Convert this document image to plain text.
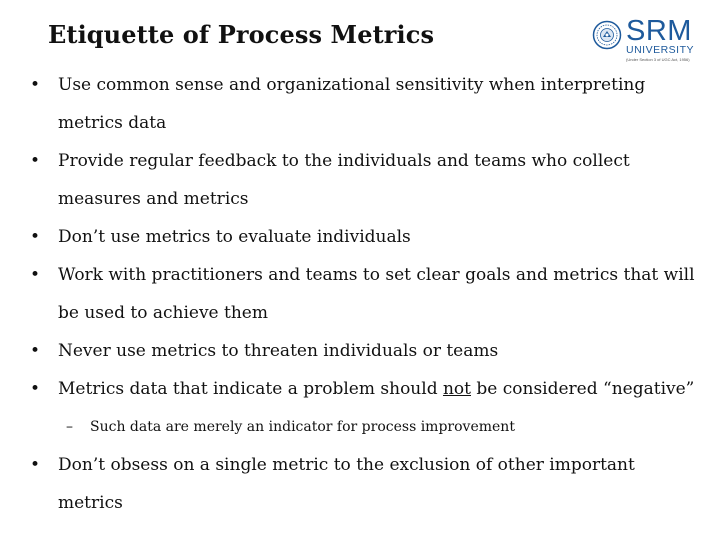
Etiquette of Process Metrics	SRM
UNIVERSITY
(Under Section 3 of UGC Act, 1956)
• Use common sense and organizational sensitivity when interpreting metrics data
• Provide regular feedback to the individuals and teams who collect measures and metrics
• Don’t use metrics to evaluate individuals
• Work with practitioners and teams to set clear goals and metrics that will be used to achieve them
• Never use metrics to threaten individuals or teams
• Metrics data that indicate a problem should not be considered “negative”
– Such data are merely an indicator for process improvement
• Don’t obsess on a single metric to the exclusion of other important metrics
